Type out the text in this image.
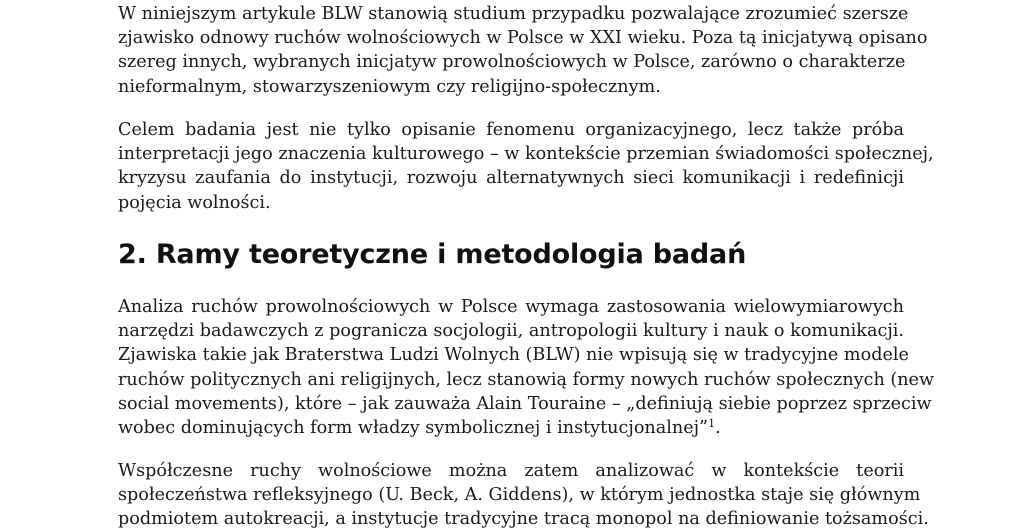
W niniejszym artykule BLW stanowią studium przypadku pozwalające zrozumieć szersze
zjawisko odnowy ruchów wolnościowych w Polsce w XXI wieku. Poza tą inicjatywą opisano
szereg innych, wybranych inicjatyw prowolnościowych w Polsce, zarówno o charakterze
nieformalnym, stowarzyszeniowym czy religijno-społecznym.

Celem badania jest nie tylko opisanie fenomenu organizacyjnego, lecz także próba
interpretacji jego znaczenia kulturowego – w kontekście przemian świadomości społecznej,
kryzysu zaufania do instytucji, rozwoju alternatywnych sieci komunikacji i redefinicji
pojęcia wolności.

2. Ramy teoretyczne i metodologia badań

Analiza ruchów prowolnościowych w Polsce wymaga zastosowania wielowymiarowych
narzędzi badawczych z pogranicza socjologii, antropologii kultury i nauk o komunikacji.
Zjawiska takie jak Braterstwa Ludzi Wolnych (BLW) nie wpisują się w tradycyjne modele
ruchów politycznych ani religijnych, lecz stanowią formy nowych ruchów społecznych (new
social movements), które – jak zauważa Alain Touraine – „definiują siebie poprzez sprzeciw
wobec dominujących form władzy symbolicznej i instytucjonalnej”$^1$.

Współczesne ruchy wolnościowe można zatem analizować w kontekście teorii
społeczeństwa refleksyjnego (U. Beck, A. Giddens), w którym jednostka staje się głównym
podmiotem autokreacji, a instytucje tradycyjne tracą monopol na definiowanie tożsamości.
